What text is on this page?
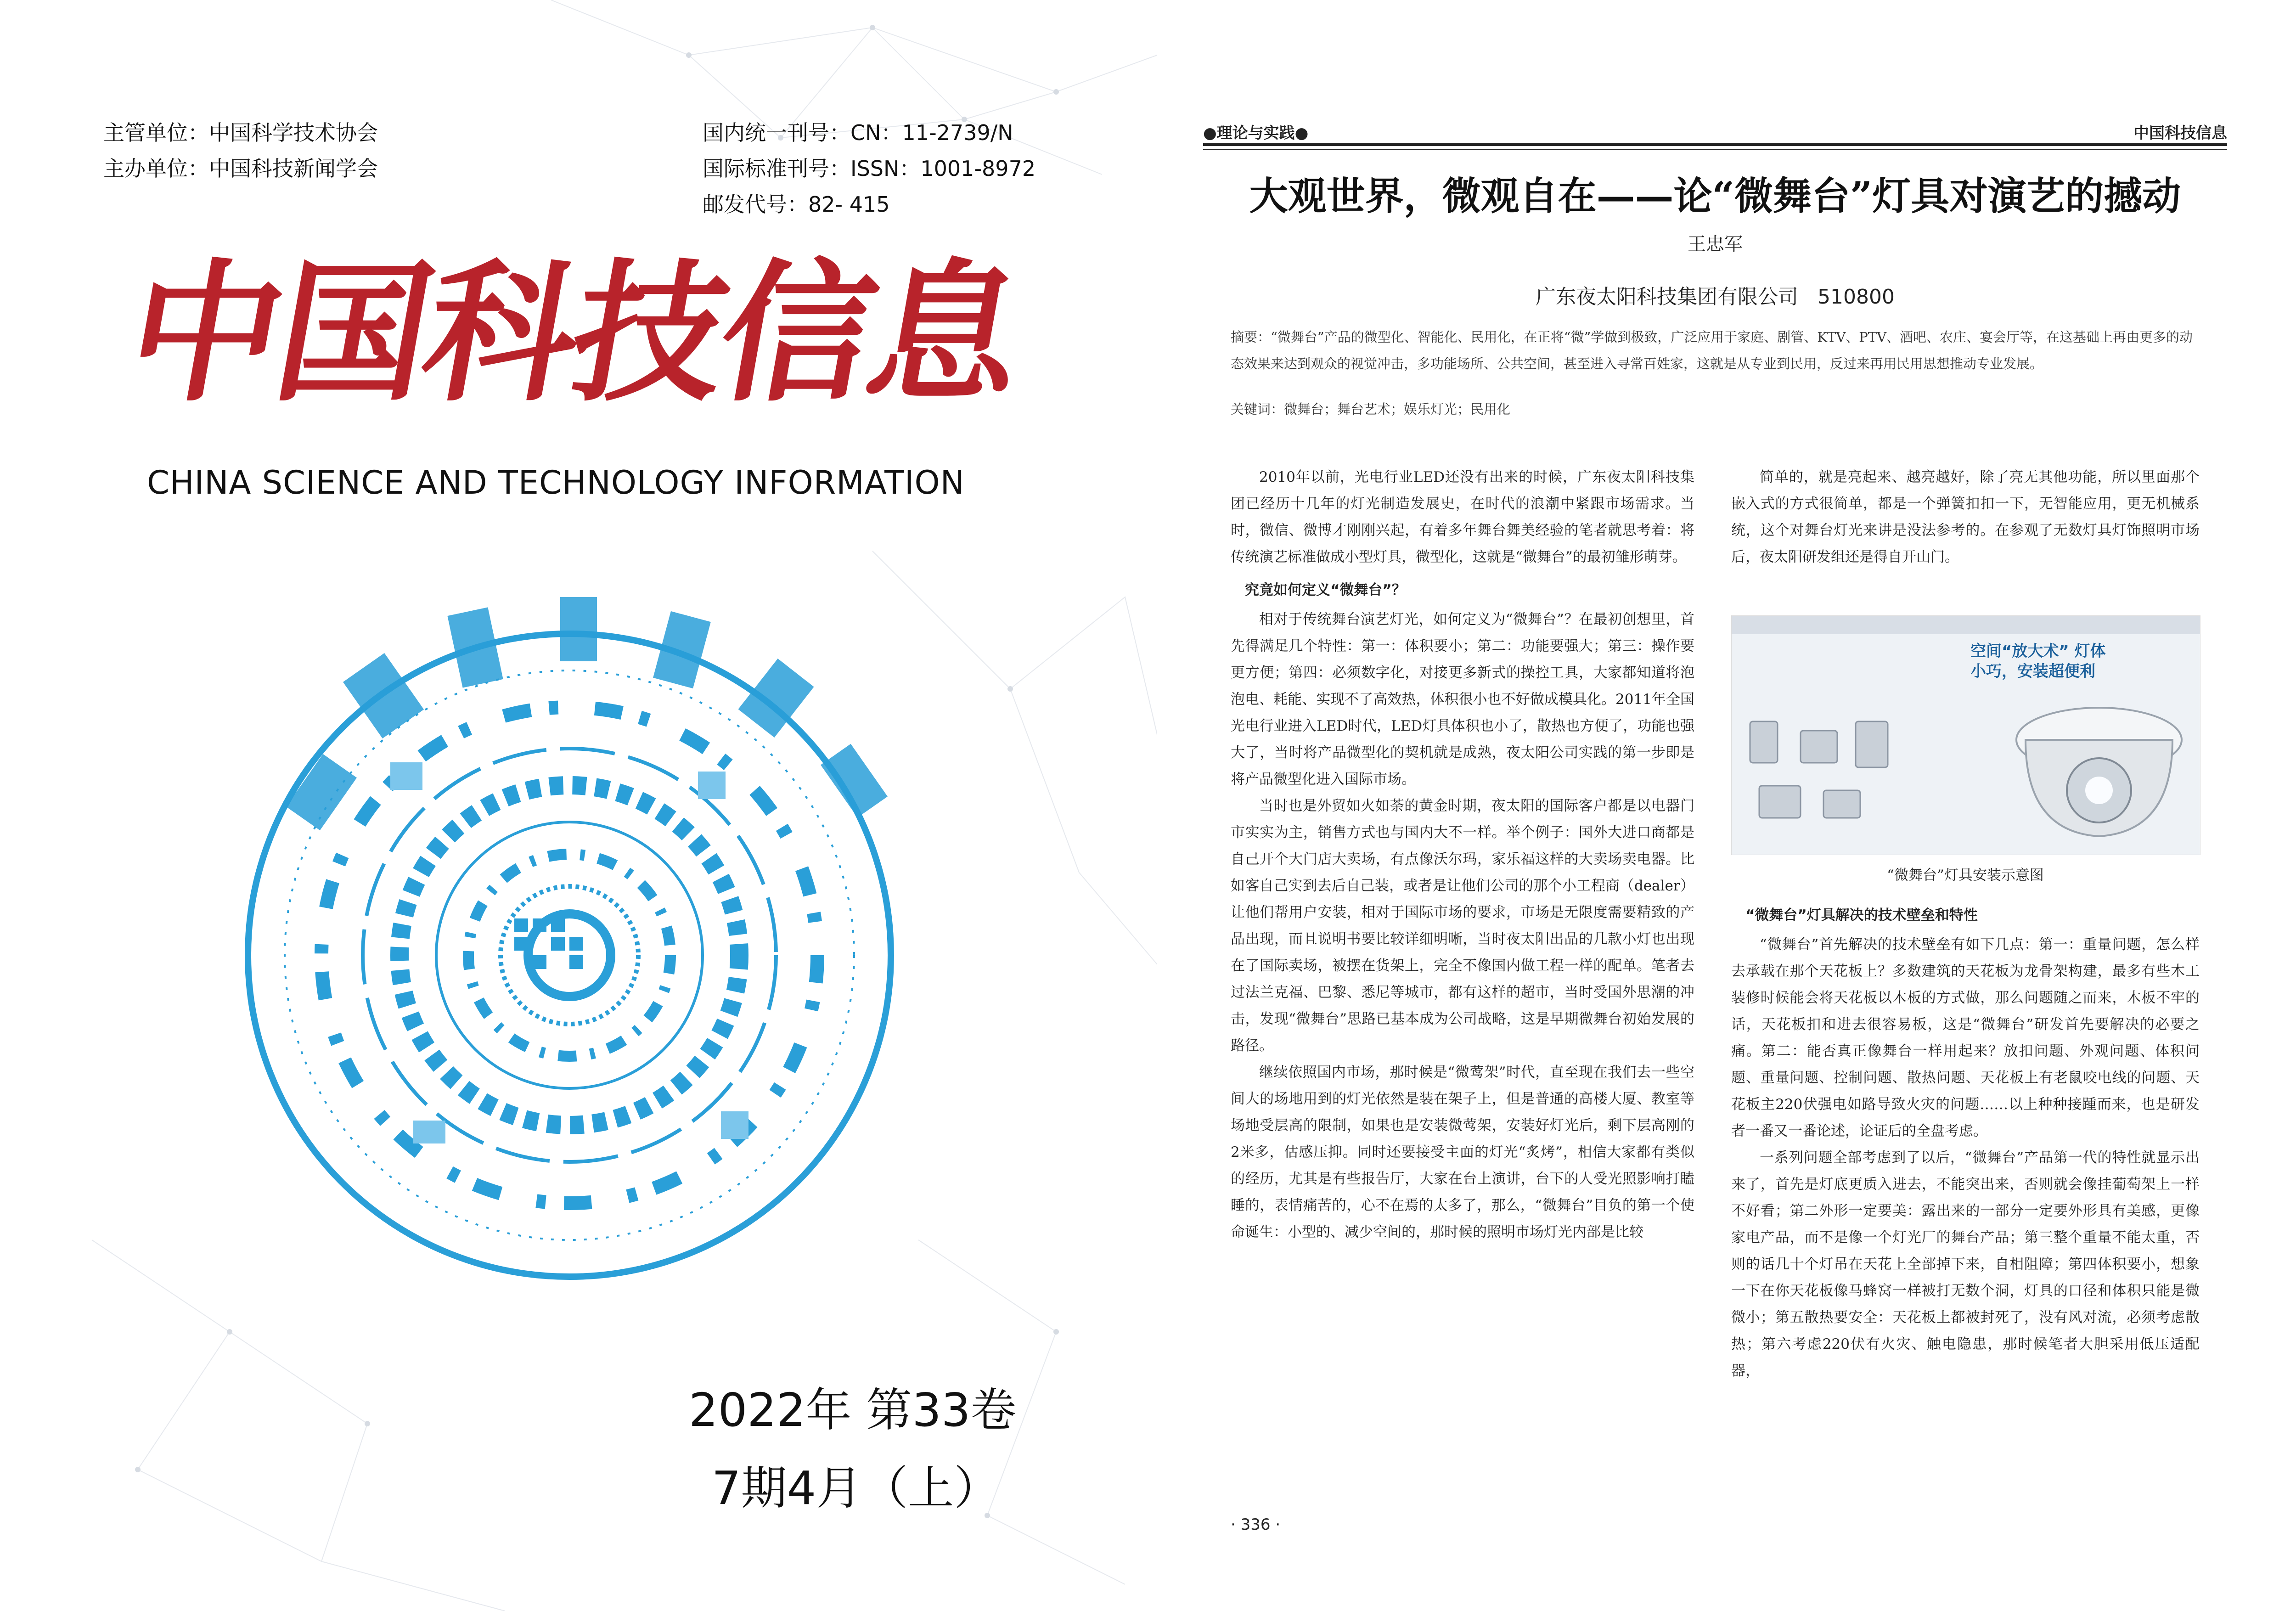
主管单位：中国科学技术协会
主办单位：中国科技新闻学会
国内统一刊号：CN：11-2739/N
国际标准刊号：ISSN：1001-8972
邮发代号：82- 415
中国科技信息
CHINA SCIENCE AND TECHNOLOGY INFORMATION
2022年 第33卷
7期4月（上）
●理论与实践●	中国科技信息
大观世界，微观自在——论“微舞台”灯具对演艺的撼动
王忠军
广东夜太阳科技集团有限公司 510800
摘要：“微舞台”产品的微型化、智能化、民用化，在正将“微”学做到极致，广泛应用于家庭、剧管、KTV、PTV、酒吧、农庄、宴会厅等，在这基础上再由更多的动态效果来达到观众的视觉冲击，多功能场所、公共空间，甚至进入寻常百姓家，这就是从专业到民用，反过来再用民用思想推动专业发展。
关键词：微舞台；舞台艺术；娱乐灯光；民用化

2010年以前，光电行业LED还没有出来的时候，广东夜太阳科技集团已经历十几年的灯光制造发展史，在时代的浪潮中紧跟市场需求。当时，微信、微博才刚刚兴起，有着多年舞台舞美经验的笔者就思考着：将传统演艺标准做成小型灯具，微型化，这就是“微舞台”的最初雏形萌芽。

究竟如何定义“微舞台”？

相对于传统舞台演艺灯光，如何定义为“微舞台”？在最初创想里，首先得满足几个特性：第一：体积要小；第二：功能要强大；第三：操作要更方便；第四：必须数字化，对接更多新式的操控工具，大家都知道将泡泡电、耗能、实现不了高效热，体积很小也不好做成模具化。2011年全国光电行业进入LED时代，LED灯具体积也小了，散热也方便了，功能也强大了，当时将产品微型化的契机就是成熟，夜太阳公司实践的第一步即是将产品微型化进入国际市场。

当时也是外贸如火如荼的黄金时期，夜太阳的国际客户都是以电器门市实实为主，销售方式也与国内大不一样。举个例子：国外大进口商都是自己开个大门店大卖场，有点像沃尔玛，家乐福这样的大卖场卖电器。比如客自己实到去后自己装，或者是让他们公司的那个小工程商（dealer）让他们帮用户安装，相对于国际市场的要求，市场是无限度需要精致的产品出现，而且说明书要比较详细明晰，当时夜太阳出品的几款小灯也出现在了国际卖场，被摆在货架上，完全不像国内做工程一样的配单。笔者去过法兰克福、巴黎、悉尼等城市，都有这样的超市，当时受国外思潮的冲击，发现“微舞台”思路已基本成为公司战略，这是早期微舞台初始发展的路径。

继续依照国内市场，那时候是“微莺架”时代，直至现在我们去一些空间大的场地用到的灯光依然是装在架子上，但是普通的高楼大厦、教室等场地受层高的限制，如果也是安装微莺架，安装好灯光后，剩下层高刚的2米多，估感压抑。同时还要接受主面的灯光“炙烤”，相信大家都有类似的经历，尤其是有些报告厅，大家在台上演讲，台下的人受光照影响打瞌睡的，表情痛苦的，心不在焉的太多了，那么，“微舞台”目负的第一个使命诞生：小型的、减少空间的，那时候的照明市场灯光内部是比较

简单的，就是亮起来、越亮越好，除了亮无其他功能，所以里面那个嵌入式的方式很简单，都是一个弹簧扣扣一下，无智能应用，更无机械系统，这个对舞台灯光来讲是没法参考的。在参观了无数灯具灯饰照明市场后，夜太阳研发组还是得自开山门。

空间“放大术” 灯体小巧，安装超便利
“微舞台”灯具安装示意图
“微舞台”灯具解决的技术壁垒和特性

“微舞台”首先解决的技术壁垒有如下几点：第一：重量问题，怎么样去承载在那个天花板上？多数建筑的天花板为龙骨架构建，最多有些木工装修时候能会将天花板以木板的方式做，那么问题随之而来，木板不牢的话，天花板扣和进去很容易板，这是“微舞台”研发首先要解决的必要之痛。第二：能否真正像舞台一样用起来？放扣问题、外观问题、体积问题、重量问题、控制问题、散热问题、天花板上有老鼠咬电线的问题、天花板主220伏强电如路导致火灾的问题……以上种种接踵而来，也是研发者一番又一番论述，论证后的全盘考虑。

一系列问题全部考虑到了以后，“微舞台”产品第一代的特性就显示出来了，首先是灯底更质入进去，不能突出来，否则就会像挂葡萄架上一样不好看；第二外形一定要美：露出来的一部分一定要外形具有美感，更像家电产品，而不是像一个灯光厂的舞台产品；第三整个重量不能太重，否则的话几十个灯吊在天花上全部掉下来，自相阻障；第四体积要小，想象一下在你天花板像马蜂窝一样被打无数个洞，灯具的口径和体积只能是微微小；第五散热要安全：天花板上都被封死了，没有风对流，必须考虑散热；第六考虑220伏有火灾、触电隐患，那时候笔者大胆采用低压适配器，

· 336 ·
